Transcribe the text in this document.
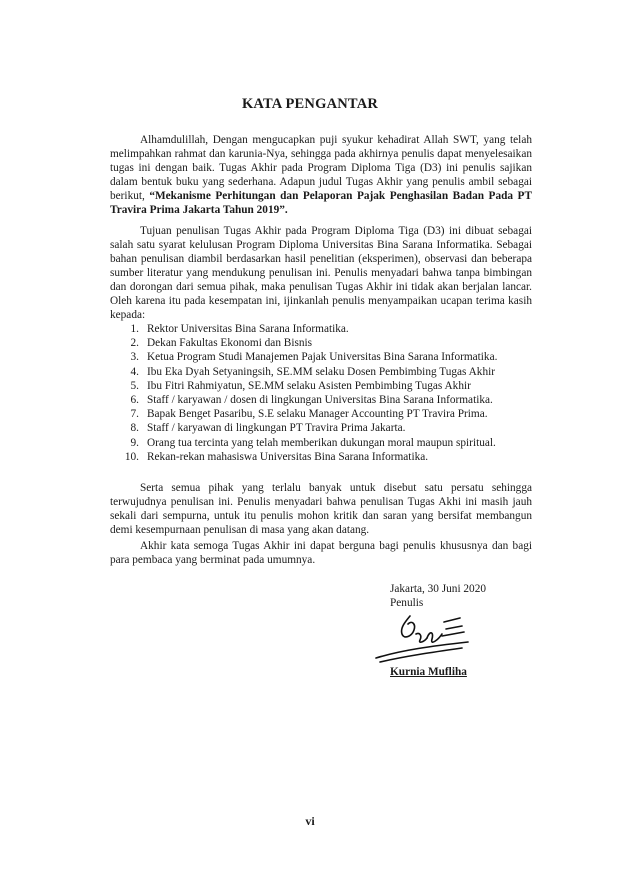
KATA PENGANTAR

Alhamdulillah, Dengan mengucapkan puji syukur kehadirat Allah SWT, yang telah melimpahkan rahmat dan karunia-Nya, sehingga pada akhirnya penulis dapat menyelesaikan tugas ini dengan baik. Tugas Akhir pada Program Diploma Tiga (D3) ini penulis sajikan dalam bentuk buku yang sederhana. Adapun judul Tugas Akhir yang penulis ambil sebagai berikut, “Mekanisme Perhitungan dan Pelaporan Pajak Penghasilan Badan Pada PT Travira Prima Jakarta Tahun 2019”.

Tujuan penulisan Tugas Akhir pada Program Diploma Tiga (D3) ini dibuat sebagai salah satu syarat kelulusan Program Diploma Universitas Bina Sarana Informatika. Sebagai bahan penulisan diambil berdasarkan hasil penelitian (eksperimen), observasi dan beberapa sumber literatur yang mendukung penulisan ini. Penulis menyadari bahwa tanpa bimbingan dan dorongan dari semua pihak, maka penulisan Tugas Akhir ini tidak akan berjalan lancar. Oleh karena itu pada kesempatan ini, ijinkanlah penulis menyampaikan ucapan terima kasih kepada:

1. Rektor Universitas Bina Sarana Informatika.
2. Dekan Fakultas Ekonomi dan Bisnis
3. Ketua Program Studi Manajemen Pajak Universitas Bina Sarana Informatika.
4. Ibu Eka Dyah Setyaningsih, SE.MM selaku Dosen Pembimbing Tugas Akhir
5. Ibu Fitri Rahmiyatun, SE.MM selaku Asisten Pembimbing Tugas Akhir
6. Staff / karyawan / dosen di lingkungan Universitas Bina Sarana Informatika.
7. Bapak Benget Pasaribu, S.E selaku Manager Accounting PT Travira Prima.
8. Staff / karyawan di lingkungan PT Travira Prima Jakarta.
9. Orang tua tercinta yang telah memberikan dukungan moral maupun spiritual.
10. Rekan-rekan mahasiswa Universitas Bina Sarana Informatika.

Serta semua pihak yang terlalu banyak untuk disebut satu persatu sehingga terwujudnya penulisan ini. Penulis menyadari bahwa penulisan Tugas Akhi ini masih jauh sekali dari sempurna, untuk itu penulis mohon kritik dan saran yang bersifat membangun demi kesempurnaan penulisan di masa yang akan datang.

Akhir kata semoga Tugas Akhir ini dapat berguna bagi penulis khususnya dan bagi para pembaca yang berminat pada umumnya.

Jakarta, 30 Juni 2020
Penulis
Kurnia Mufliha
vi
